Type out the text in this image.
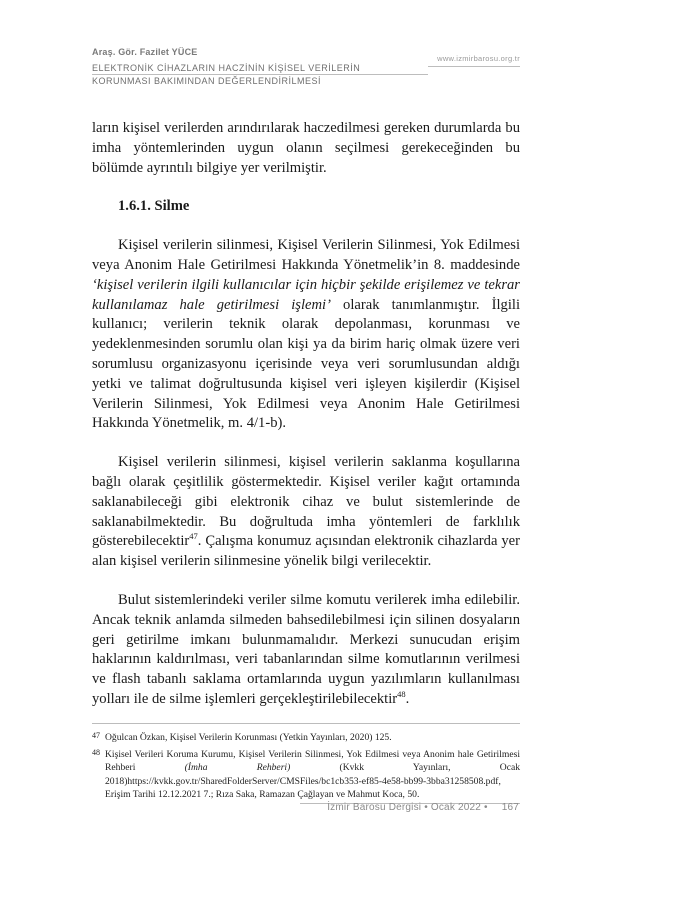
Araş. Gör. Fazilet YÜCE
ELEKTRONİK CİHAZLARIN HACZİNİN KİŞİSEL VERİLERİN
KORUNMASI BAKIMINDAN DEĞERLENDİRİLMESİ
www.izmirbarosu.org.tr

ların kişisel verilerden arındırılarak haczedilmesi gereken durumlarda bu imha yöntemlerinden uygun olanın seçilmesi gerekeceğinden bu bölümde ayrıntılı bilgiye yer verilmiştir.

1.6.1. Silme

Kişisel verilerin silinmesi, Kişisel Verilerin Silinmesi, Yok Edilmesi veya Anonim Hale Getirilmesi Hakkında Yönetmelik’in 8. maddesinde ‘kişisel verilerin ilgili kullanıcılar için hiçbir şekilde erişilemez ve tekrar kullanılamaz hale getirilmesi işlemi’ olarak tanımlanmıştır. İlgili kullanıcı; verilerin teknik olarak depolanması, korunması ve yedeklenmesinden sorumlu olan kişi ya da birim hariç olmak üzere veri sorumlusu organizasyonu içerisinde veya veri sorumlusundan aldığı yetki ve talimat doğrultusunda kişisel veri işleyen kişilerdir (Kişisel Verilerin Silinmesi, Yok Edilmesi veya Anonim Hale Getirilmesi Hakkında Yönetmelik, m. 4/1-b).

Kişisel verilerin silinmesi, kişisel verilerin saklanma koşullarına bağlı olarak çeşitlilik göstermektedir. Kişisel veriler kağıt ortamında saklanabileceği gibi elektronik cihaz ve bulut sistemlerinde de saklanabilmektedir. Bu doğrultuda imha yöntemleri de farklılık gösterebilecektir$^{47}$. Çalışma konumuz açısından elektronik cihazlarda yer alan kişisel verilerin silinmesine yönelik bilgi verilecektir.

Bulut sistemlerindeki veriler silme komutu verilerek imha edilebilir. Ancak teknik anlamda silmeden bahsedilebilmesi için silinen dosyaların geri getirilme imkanı bulunmamalıdır. Merkezi sunucudan erişim haklarının kaldırılması, veri tabanlarından silme komutlarının verilmesi ve flash tabanlı saklama ortamlarında uygun yazılımların kullanılması yolları ile de silme işlemleri gerçekleştirilebilecektir$^{48}$.

47 Oğulcan Özkan, Kişisel Verilerin Korunması (Yetkin Yayınları, 2020) 125.
48 Kişisel Verileri Koruma Kurumu, Kişisel Verilerin Silinmesi, Yok Edilmesi veya Anonim hale Getirilmesi Rehberi (İmha Rehberi) (Kvkk Yayınları, Ocak 2018)https://kvkk.gov.tr/SharedFolderServer/CMSFiles/bc1cb353-ef85-4e58-bb99-3bba31258508.pdf, Erişim Tarihi 12.12.2021 7.; Rıza Saka, Ramazan Çağlayan ve Mahmut Koca, 50.
İzmir Barosu Dergisi • Ocak 2022 • 167
